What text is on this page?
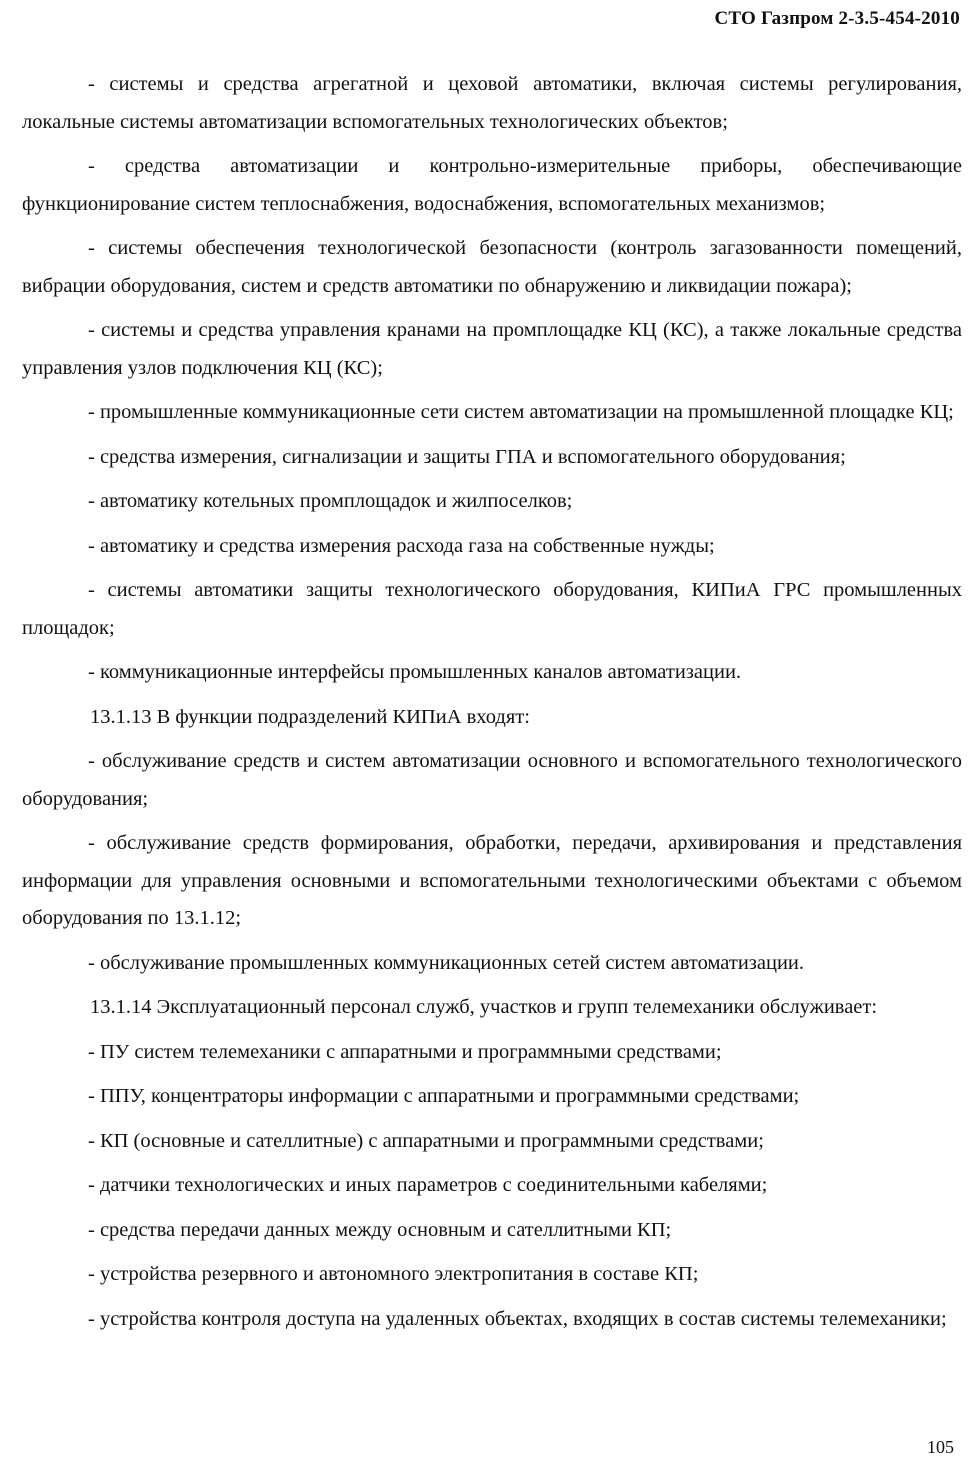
СТО Газпром 2-3.5-454-2010

- системы и средства агрегатной и цеховой автоматики, включая системы регулирования, локальные системы автоматизации вспомогательных технологических объектов;

- средства автоматизации и контрольно-измерительные приборы, обеспечивающие функционирование систем теплоснабжения, водоснабжения, вспомогательных механизмов;

- системы обеспечения технологической безопасности (контроль загазованности помещений, вибрации оборудования, систем и средств автоматики по обнаружению и ликвидации пожара);

- системы и средства управления кранами на промплощадке КЦ (КС), а также локальные средства управления узлов подключения КЦ (КС);

- промышленные коммуникационные сети систем автоматизации на промышленной площадке КЦ;

- средства измерения, сигнализации и защиты ГПА и вспомогательного оборудования;

- автоматику котельных промплощадок и жилпоселков;

- автоматику и средства измерения расхода газа на собственные нужды;

- системы автоматики защиты технологического оборудования, КИПиА ГРС промышленных площадок;

- коммуникационные интерфейсы промышленных каналов автоматизации.

13.1.13 В функции подразделений КИПиА входят:

- обслуживание средств и систем автоматизации основного и вспомогательного технологического оборудования;

- обслуживание средств формирования, обработки, передачи, архивирования и представления информации для управления основными и вспомогательными технологическими объектами с объемом оборудования по 13.1.12;

- обслуживание промышленных коммуникационных сетей систем автоматизации.

13.1.14 Эксплуатационный персонал служб, участков и групп телемеханики обслуживает:

- ПУ систем телемеханики с аппаратными и программными средствами;

- ППУ, концентраторы информации с аппаратными и программными средствами;

- КП (основные и сателлитные) с аппаратными и программными средствами;

- датчики технологических и иных параметров с соединительными кабелями;

- средства передачи данных между основным и сателлитными КП;

- устройства резервного и автономного электропитания в составе КП;

- устройства контроля доступа на удаленных объектах, входящих в состав системы телемеханики;

105
